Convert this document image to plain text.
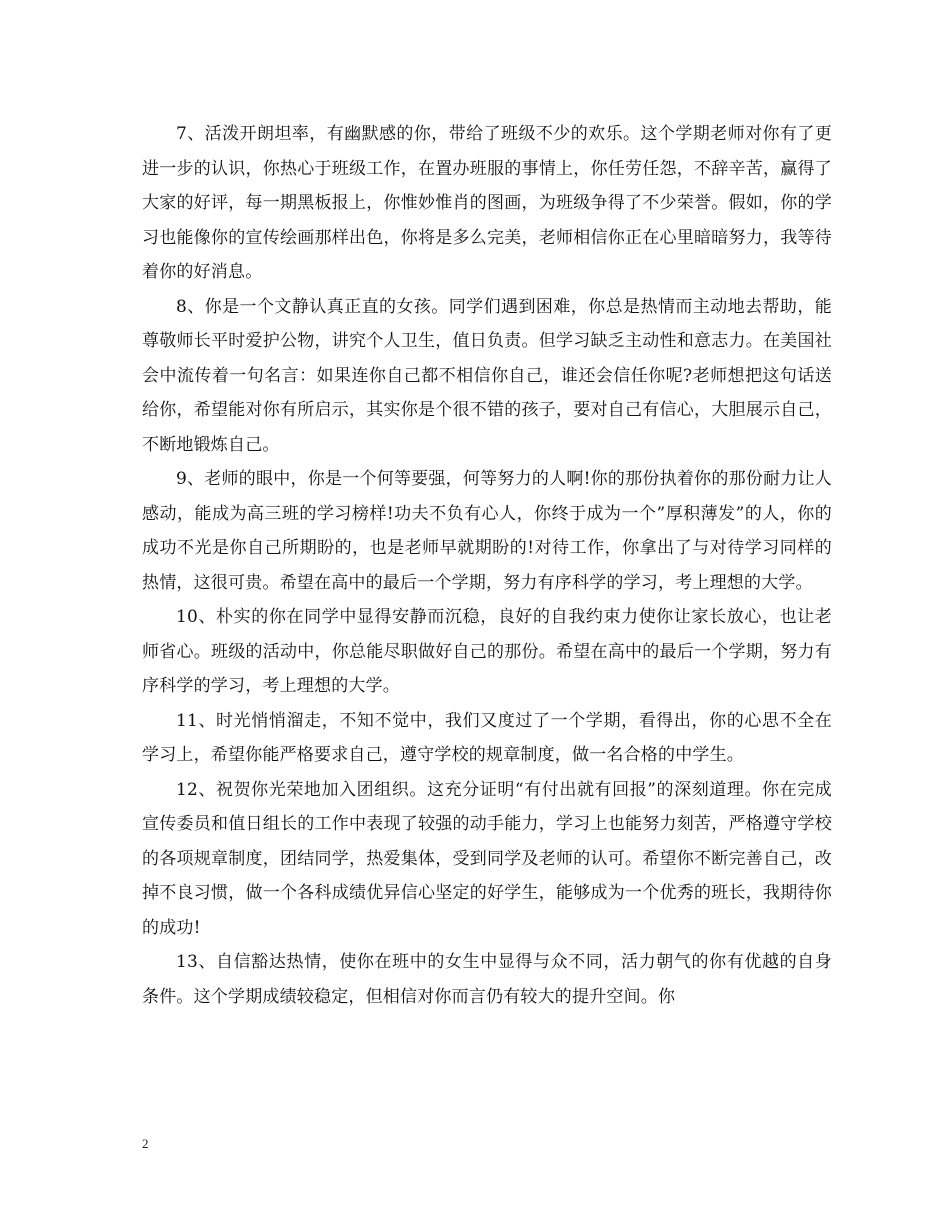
7、活泼开朗坦率，有幽默感的你，带给了班级不少的欢乐。这个学期老师对你有了更进一步的认识，你热心于班级工作，在置办班服的事情上，你任劳任怨，不辞辛苦，赢得了大家的好评，每一期黑板报上，你惟妙惟肖的图画，为班级争得了不少荣誉。假如，你的学习也能像你的宣传绘画那样出色，你将是多么完美，老师相信你正在心里暗暗努力，我等待着你的好消息。

8、你是一个文静认真正直的女孩。同学们遇到困难，你总是热情而主动地去帮助，能尊敬师长平时爱护公物，讲究个人卫生，值日负责。但学习缺乏主动性和意志力。在美国社会中流传着一句名言：如果连你自己都不相信你自己，谁还会信任你呢?老师想把这句话送给你，希望能对你有所启示，其实你是个很不错的孩子，要对自己有信心，大胆展示自己，不断地锻炼自己。

9、老师的眼中，你是一个何等要强，何等努力的人啊!你的那份执着你的那份耐力让人感动，能成为高三班的学习榜样!功夫不负有心人，你终于成为一个”厚积薄发”的人，你的成功不光是你自己所期盼的，也是老师早就期盼的!对待工作，你拿出了与对待学习同样的热情，这很可贵。希望在高中的最后一个学期，努力有序科学的学习，考上理想的大学。

10、朴实的你在同学中显得安静而沉稳，良好的自我约束力使你让家长放心，也让老师省心。班级的活动中，你总能尽职做好自己的那份。希望在高中的最后一个学期，努力有序科学的学习，考上理想的大学。

11、时光悄悄溜走，不知不觉中，我们又度过了一个学期，看得出，你的心思不全在学习上，希望你能严格要求自己，遵守学校的规章制度，做一名合格的中学生。

12、祝贺你光荣地加入团组织。这充分证明“有付出就有回报”的深刻道理。你在完成宣传委员和值日组长的工作中表现了较强的动手能力，学习上也能努力刻苦，严格遵守学校的各项规章制度，团结同学，热爱集体，受到同学及老师的认可。希望你不断完善自己，改掉不良习惯，做一个各科成绩优异信心坚定的好学生，能够成为一个优秀的班长，我期待你的成功!

13、自信豁达热情，使你在班中的女生中显得与众不同，活力朝气的你有优越的自身条件。这个学期成绩较稳定，但相信对你而言仍有较大的提升空间。你

2
